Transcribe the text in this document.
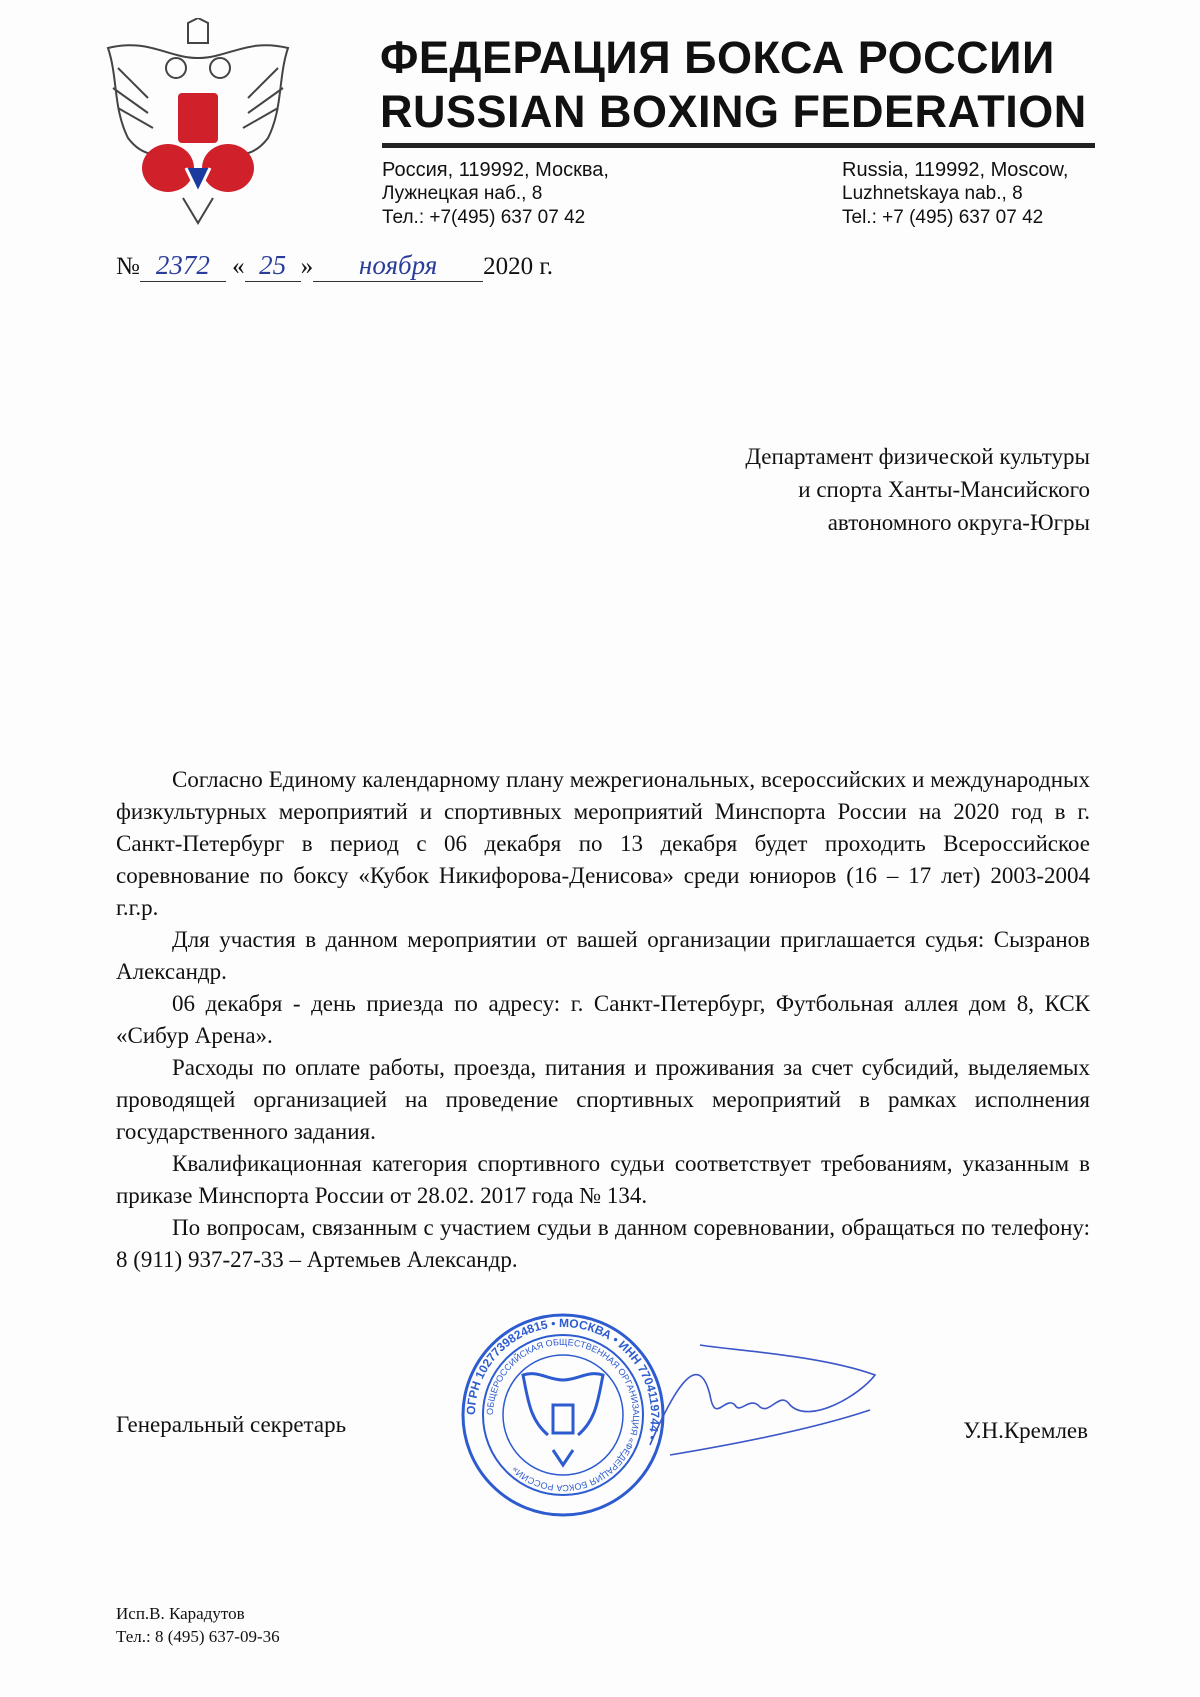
ФЕДЕРАЦИЯ БОКСА РОССИИ
RUSSIAN BOXING FEDERATION
Россия, 119992, Москва,
Лужнецкая наб., 8
Тел.: +7(495) 637 07 42
Russia, 119992, Moscow,
Luzhnetskaya nab., 8
Tel.: +7 (495) 637 07 42
№ 2372 « 25 » ноября 2020 г.
Департамент физической культуры
и спорта Ханты-Мансийского
автономного округа-Югры

Согласно Единому календарному плану межрегиональных, всероссийских и международных физкультурных мероприятий и спортивных мероприятий Минспорта России на 2020 год в г. Санкт-Петербург в период с 06 декабря по 13 декабря будет проходить Всероссийское соревнование по боксу «Кубок Никифорова-Денисова» среди юниоров (16 – 17 лет) 2003-2004 г.г.р.

Для участия в данном мероприятии от вашей организации приглашается судья: Сызранов Александр.

06 декабря - день приезда по адресу: г. Санкт-Петербург, Футбольная аллея дом 8, КСК «Сибур Арена».

Расходы по оплате работы, проезда, питания и проживания за счет субсидий, выделяемых проводящей организацией на проведение спортивных мероприятий в рамках исполнения государственного задания.

Квалификационная категория спортивного судьи соответствует требованиям, указанным в приказе Минспорта России от 28.02. 2017 года № 134.

По вопросам, связанным с участием судьи в данном соревновании, обращаться по телефону: 8 (911) 937-27-33 – Артемьев Александр.

ОГРН 1027739824815 • МОСКВА • ИНН 7704119744 •
ОБЩЕРОССИЙСКАЯ ОБЩЕСТВЕННАЯ ОРГАНИЗАЦИЯ «ФЕДЕРАЦИЯ БОКСА РОССИИ»
Генеральный секретарь	У.Н.Кремлев
Исп.В. Карадутов
Тел.: 8 (495) 637-09-36
